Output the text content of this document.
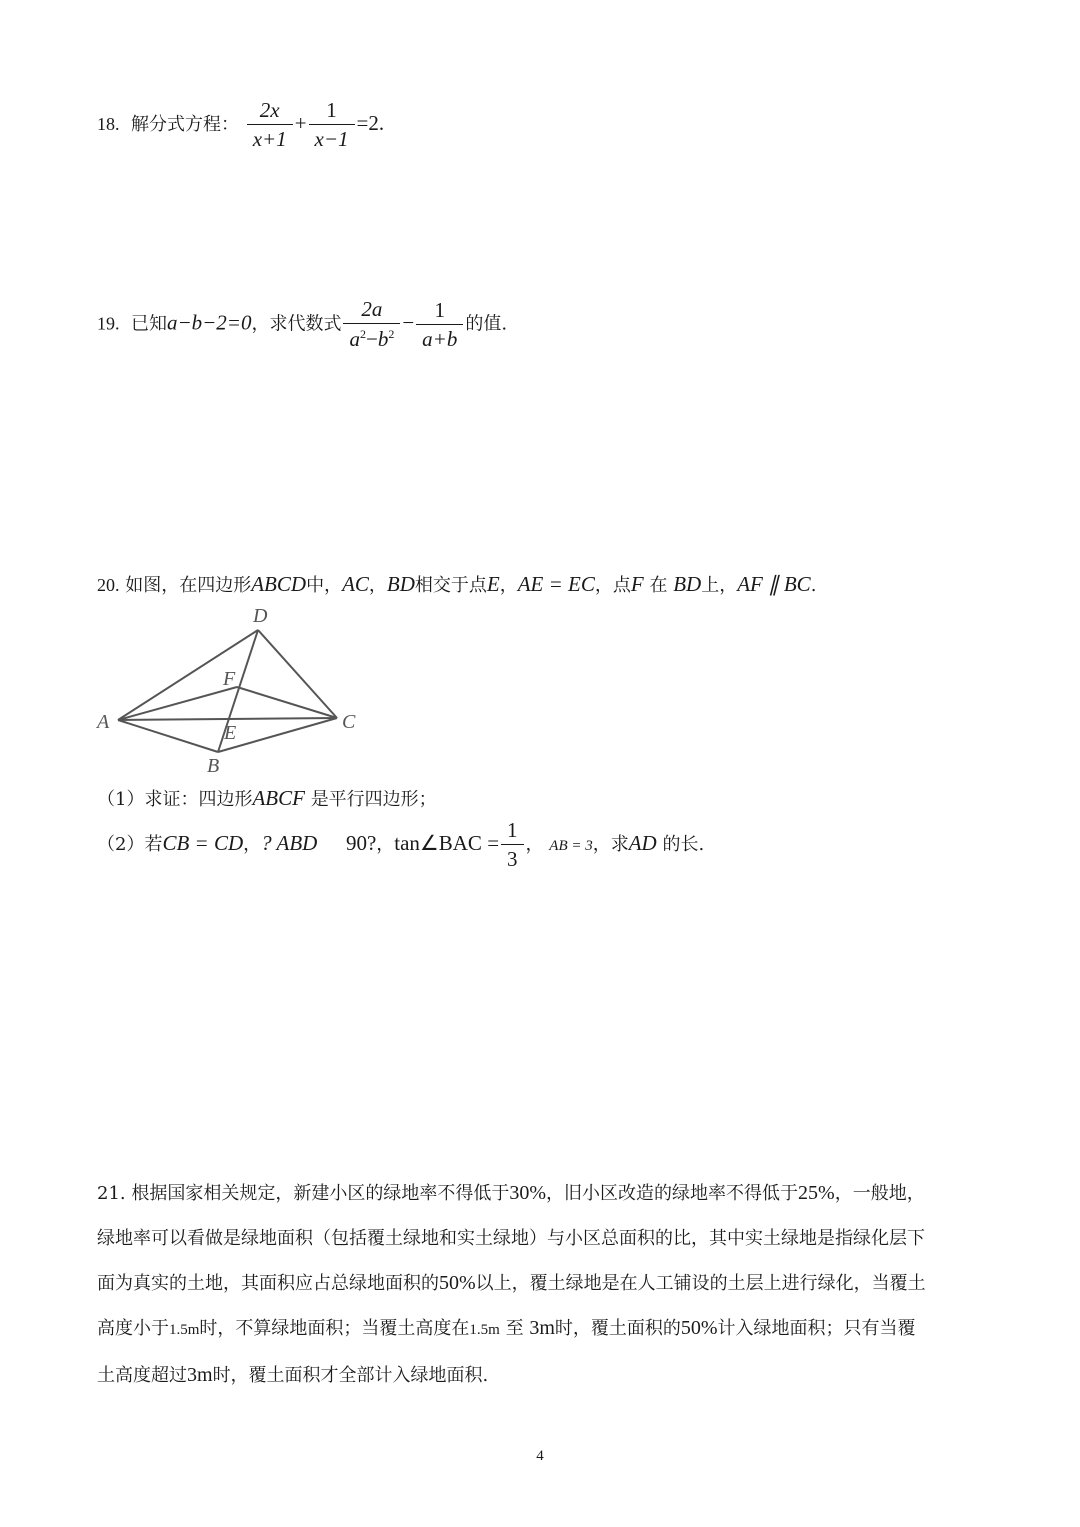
18. 解分式方程： $\frac{2x}{x+1} + \frac{1}{x-1} =2$.
19. 已知a−b−2=0，求代数式 $\frac{2a}{a^2-b^2} - \frac{1}{a+b}$ 的值.
20. 如图，在四边形ABCD中，AC，BD相交于点E，AE = EC，点F 在 BD上，AF ∥ BC.
A
B
C
D
E
F
（1）求证：四边形ABCF 是平行四边形；
（2）若CB = CD，? ABD 90?，tan∠BAC = $\frac{1}{3}$ ， AB = 3，求AD 的长.
21. 根据国家相关规定，新建小区的绿地率不得低于30%，旧小区改造的绿地率不得低于25%，一般地，
绿地率可以看做是绿地面积（包括覆土绿地和实土绿地）与小区总面积的比，其中实土绿地是指绿化层下
面为真实的土地，其面积应占总绿地面积的50%以上，覆土绿地是在人工铺设的土层上进行绿化，当覆土
高度小于1.5m时，不算绿地面积；当覆土高度在1.5m 至 3m时，覆土面积的50%计入绿地面积；只有当覆
土高度超过3m时，覆土面积才全部计入绿地面积.
4
